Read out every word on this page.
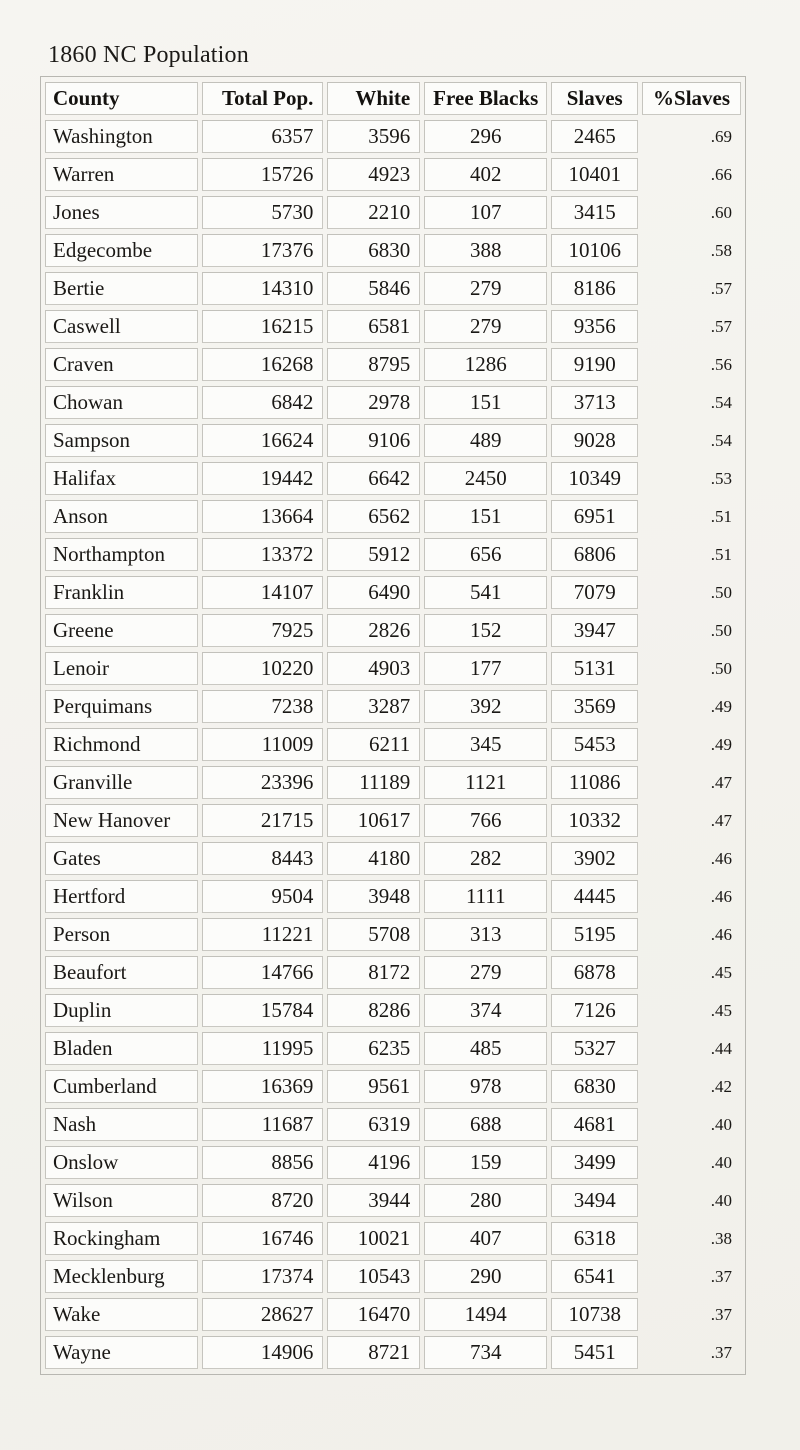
1860 NC Population
County	Total Pop.	White	Free Blacks	Slaves	%Slaves
Washington	6357	3596	296	2465	.69
Warren	15726	4923	402	10401	.66
Jones	5730	2210	107	3415	.60
Edgecombe	17376	6830	388	10106	.58
Bertie	14310	5846	279	8186	.57
Caswell	16215	6581	279	9356	.57
Craven	16268	8795	1286	9190	.56
Chowan	6842	2978	151	3713	.54
Sampson	16624	9106	489	9028	.54
Halifax	19442	6642	2450	10349	.53
Anson	13664	6562	151	6951	.51
Northampton	13372	5912	656	6806	.51
Franklin	14107	6490	541	7079	.50
Greene	7925	2826	152	3947	.50
Lenoir	10220	4903	177	5131	.50
Perquimans	7238	3287	392	3569	.49
Richmond	11009	6211	345	5453	.49
Granville	23396	11189	1121	11086	.47
New Hanover	21715	10617	766	10332	.47
Gates	8443	4180	282	3902	.46
Hertford	9504	3948	1111	4445	.46
Person	11221	5708	313	5195	.46
Beaufort	14766	8172	279	6878	.45
Duplin	15784	8286	374	7126	.45
Bladen	11995	6235	485	5327	.44
Cumberland	16369	9561	978	6830	.42
Nash	11687	6319	688	4681	.40
Onslow	8856	4196	159	3499	.40
Wilson	8720	3944	280	3494	.40
Rockingham	16746	10021	407	6318	.38
Mecklenburg	17374	10543	290	6541	.37
Wake	28627	16470	1494	10738	.37
Wayne	14906	8721	734	5451	.37
